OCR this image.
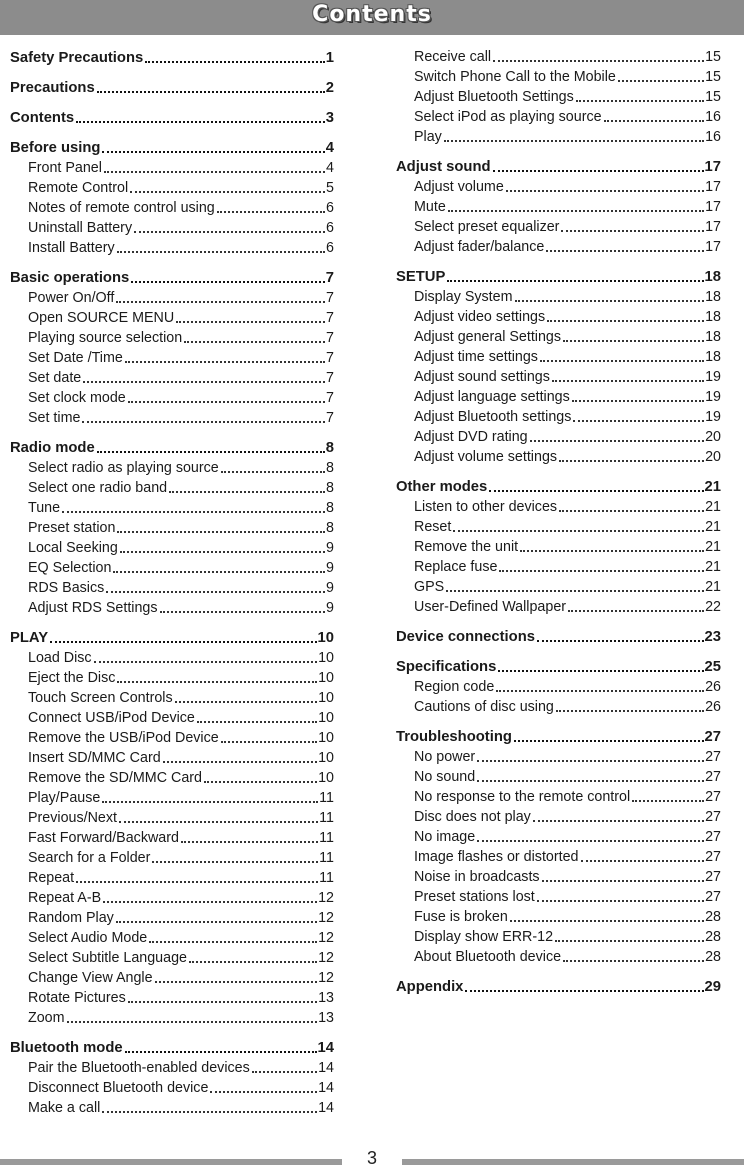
Contents
Safety Precautions	1
Precautions	2
Contents	3
Before using	4
Front Panel	4
Remote Control	5
Notes of remote control using	6
Uninstall Battery	6
Install Battery	6
Basic operations	7
Power On/Off	7
Open SOURCE MENU	7
Playing source selection	7
Set Date /Time	7
Set date	7
Set clock mode	7
Set time	7
Radio mode	8
Select radio as playing source	8
Select one radio band	8
Tune	8
Preset station	8
Local Seeking	9
EQ Selection	9
RDS Basics	9
Adjust RDS Settings	9
PLAY	10
Load Disc	10
Eject the Disc	10
Touch Screen Controls	10
Connect USB/iPod Device	10
Remove the USB/iPod Device	10
Insert SD/MMC Card	10
Remove the SD/MMC Card	10
Play/Pause	11
Previous/Next	11
Fast Forward/Backward	11
Search for a Folder	11
Repeat	11
Repeat A-B	12
Random Play	12
Select Audio Mode	12
Select Subtitle Language	12
Change View Angle	12
Rotate Pictures	13
Zoom	13
Bluetooth mode	14
Pair the Bluetooth-enabled devices	14
Disconnect Bluetooth device	14
Make a call	14
Receive call	15
Switch Phone Call to the Mobile	15
Adjust Bluetooth Settings	15
Select iPod as playing source	16
Play	16
Adjust sound	17
Adjust volume	17
Mute	17
Select preset equalizer	17
Adjust fader/balance	17
SETUP	18
Display System	18
Adjust video settings	18
Adjust general Settings	18
Adjust time settings	18
Adjust sound settings	19
Adjust language settings	19
Adjust Bluetooth settings	19
Adjust DVD rating	20
Adjust volume settings	20
Other modes	21
Listen to other devices	21
Reset	21
Remove the unit	21
Replace fuse	21
GPS	21
User-Defined Wallpaper	22
Device connections	23
Specifications	25
Region code	26
Cautions of disc using	26
Troubleshooting	27
No power	27
No sound	27
No response to the remote control	27
Disc does not play	27
No image	27
Image flashes or distorted	27
Noise in broadcasts	27
Preset stations lost	27
Fuse is broken	28
Display show ERR-12	28
About Bluetooth device	28
Appendix	29
3
